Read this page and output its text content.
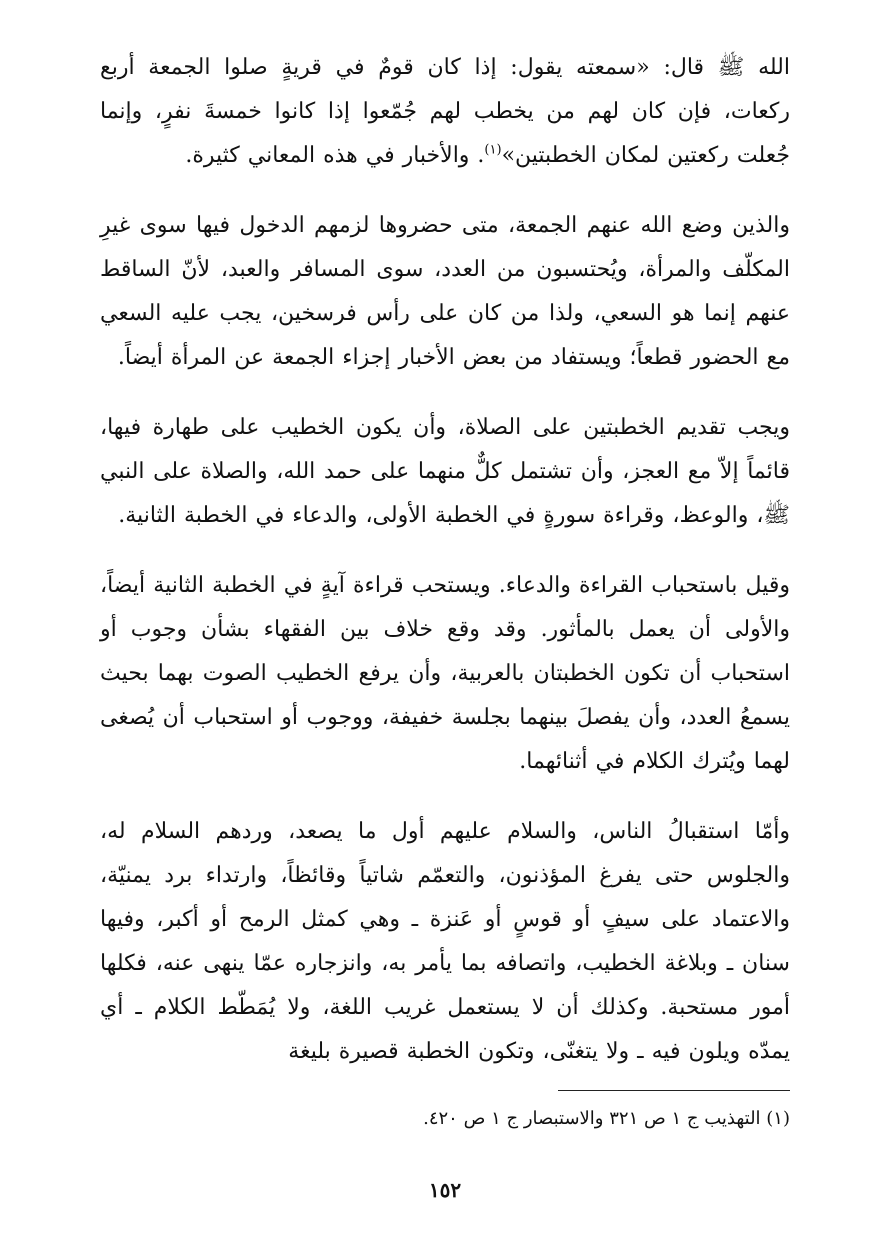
الله ﷺ قال: «سمعته يقول: إذا كان قومٌ في قريةٍ صلوا الجمعة أربع ركعات، فإن كان لهم من يخطب لهم جُمّعوا إذا كانوا خمسةَ نفرٍ، وإنما جُعلت ركعتين لمكان الخطبتين»$^{(١)}$. والأخبار في هذه المعاني كثيرة.

والذين وضع الله عنهم الجمعة، متى حضروها لزمهم الدخول فيها سوى غيرِ المكلّف والمرأة، ويُحتسبون من العدد، سوى المسافر والعبد، لأنّ الساقط عنهم إنما هو السعي، ولذا من كان على رأس فرسخين، يجب عليه السعي مع الحضور قطعاً؛ ويستفاد من بعض الأخبار إجزاء الجمعة عن المرأة أيضاً.

ويجب تقديم الخطبتين على الصلاة، وأن يكون الخطيب على طهارة فيها، قائماً إلاّ مع العجز، وأن تشتمل كلٌّ منهما على حمد الله، والصلاة على النبي ﷺ، والوعظ، وقراءة سورةٍ في الخطبة الأولى، والدعاء في الخطبة الثانية.

وقيل باستحباب القراءة والدعاء. ويستحب قراءة آيةٍ في الخطبة الثانية أيضاً، والأولى أن يعمل بالمأثور. وقد وقع خلاف بين الفقهاء بشأن وجوب أو استحباب أن تكون الخطبتان بالعربية، وأن يرفع الخطيب الصوت بهما بحيث يسمعُ العدد، وأن يفصلَ بينهما بجلسة خفيفة، ووجوب أو استحباب أن يُصغى لهما ويُترك الكلام في أثنائهما.

وأمّا استقبالُ الناس، والسلام عليهم أول ما يصعد، وردهم السلام له، والجلوس حتى يفرغ المؤذنون، والتعمّم شاتياً وقائظاً، وارتداء برد يمنيّة، والاعتماد على سيفٍ أو قوسٍ أو عَنزة ـ وهي كمثل الرمح أو أكبر، وفيها سنان ـ وبلاغة الخطيب، واتصافه بما يأمر به، وانزجاره عمّا ينهى عنه، فكلها أمور مستحبة. وكذلك أن لا يستعمل غريب اللغة، ولا يُمَطّط الكلام ـ أي يمدّه ويلون فيه ـ ولا يتغنّى، وتكون الخطبة قصيرة بليغة

(١) التهذيب ج ١ ص ٣٢١ والاستبصار ج ١ ص ٤٢٠.
١٥٢
